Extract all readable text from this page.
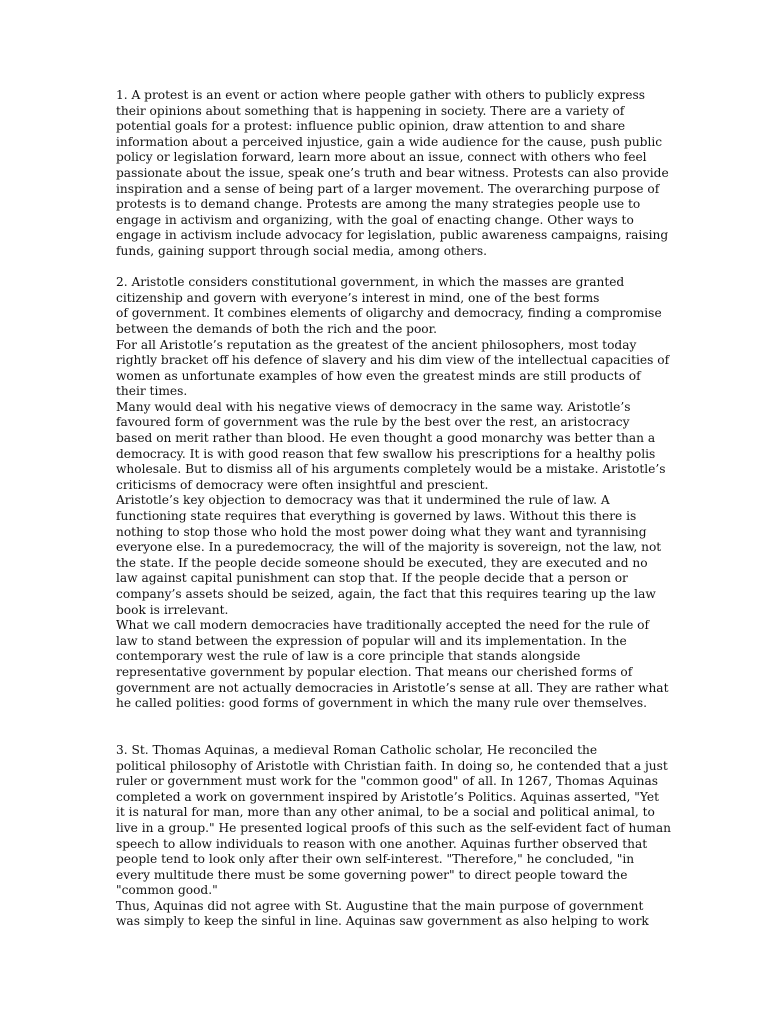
1. A protest is an event or action where people gather with others to publicly express
their opinions about something that is happening in society. There are a variety of
potential goals for a protest: influence public opinion, draw attention to and share
information about a perceived injustice, gain a wide audience for the cause, push public
policy or legislation forward, learn more about an issue, connect with others who feel
passionate about the issue, speak one’s truth and bear witness. Protests can also provide
inspiration and a sense of being part of a larger movement. The overarching purpose of
protests is to demand change. Protests are among the many strategies people use to
engage in activism and organizing, with the goal of enacting change. Other ways to
engage in activism include advocacy for legislation, public awareness campaigns, raising
funds, gaining support through social media, among others.
2. Aristotle considers constitutional government, in which the masses are granted
citizenship and govern with everyone’s interest in mind, one of the best forms
of government. It combines elements of oligarchy and democracy, finding a compromise
between the demands of both the rich and the poor.
For all Aristotle’s reputation as the greatest of the ancient philosophers, most today
rightly bracket off his defence of slavery and his dim view of the intellectual capacities of
women as unfortunate examples of how even the greatest minds are still products of
their times.
Many would deal with his negative views of democracy in the same way. Aristotle’s
favoured form of government was the rule by the best over the rest, an aristocracy
based on merit rather than blood. He even thought a good monarchy was better than a
democracy. It is with good reason that few swallow his prescriptions for a healthy polis
wholesale. But to dismiss all of his arguments completely would be a mistake. Aristotle’s
criticisms of democracy were often insightful and prescient.
Aristotle’s key objection to democracy was that it undermined the rule of law. A
functioning state requires that everything is governed by laws. Without this there is
nothing to stop those who hold the most power doing what they want and tyrannising
everyone else. In a puredemocracy, the will of the majority is sovereign, not the law, not
the state. If the people decide someone should be executed, they are executed and no
law against capital punishment can stop that. If the people decide that a person or
company’s assets should be seized, again, the fact that this requires tearing up the law
book is irrelevant.
What we call modern democracies have traditionally accepted the need for the rule of
law to stand between the expression of popular will and its implementation. In the
contemporary west the rule of law is a core principle that stands alongside
representative government by popular election. That means our cherished forms of
government are not actually democracies in Aristotle’s sense at all. They are rather what
he called polities: good forms of government in which the many rule over themselves.
3. St. Thomas Aquinas, a medieval Roman Catholic scholar, He reconciled the
political philosophy of Aristotle with Christian faith. In doing so, he contended that a just
ruler or government must work for the "common good" of all. In 1267, Thomas Aquinas
completed a work on government inspired by Aristotle’s Politics. Aquinas asserted, "Yet
it is natural for man, more than any other animal, to be a social and political animal, to
live in a group." He presented logical proofs of this such as the self-evident fact of human
speech to allow individuals to reason with one another. Aquinas further observed that
people tend to look only after their own self-interest. "Therefore," he concluded, "in
every multitude there must be some governing power" to direct people toward the
"common good."
Thus, Aquinas did not agree with St. Augustine that the main purpose of government
was simply to keep the sinful in line. Aquinas saw government as also helping to work
